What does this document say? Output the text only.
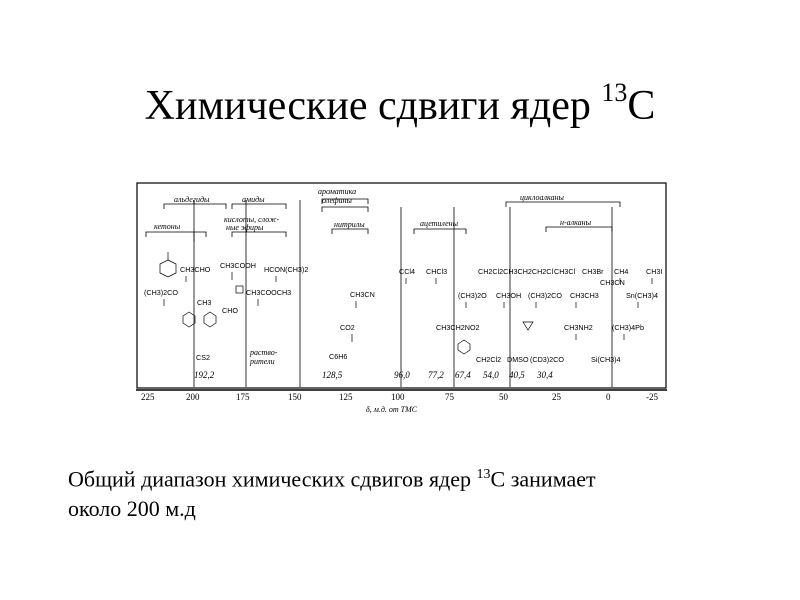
Химические сдвиги ядер $^{13}$С
225	200	175	150	125	100	75	50	25	0	-25
δ, м.д. от ТМС
альдегиды
кетоны
амиды
кислоты, слож-
ные эфиры
ароматика
олефины
нитрилы	ацетилены
циклоалканы
н-алканы
CH3CHO CH3COOH HCON(CH3)2
(CH3)2CO	CH3COOCH3
CH3
CHO
CH3CN
CO2
CS2	C6H6
CCl4 CHCl3
CH3CH2NO2
(CH3)2O CH3OH
CH2Cl2 DMSO (CD3)2CO
CH2Cl2CH3CH2CH2Cl CH3Cl CH3Br CH4 CH3I
(CH3)2CO CH3CH3	Sn(CH3)4
CH3CN
CH3NH2	(CH3)4Pb
Si(CH3)4
раство-
рители
192,2	128,5	96,0 77,2 67,4 54,0 40,5 30,4
Общий диапазон химических сдвигов ядер $^{13}$С занимает
около 200 м.д
